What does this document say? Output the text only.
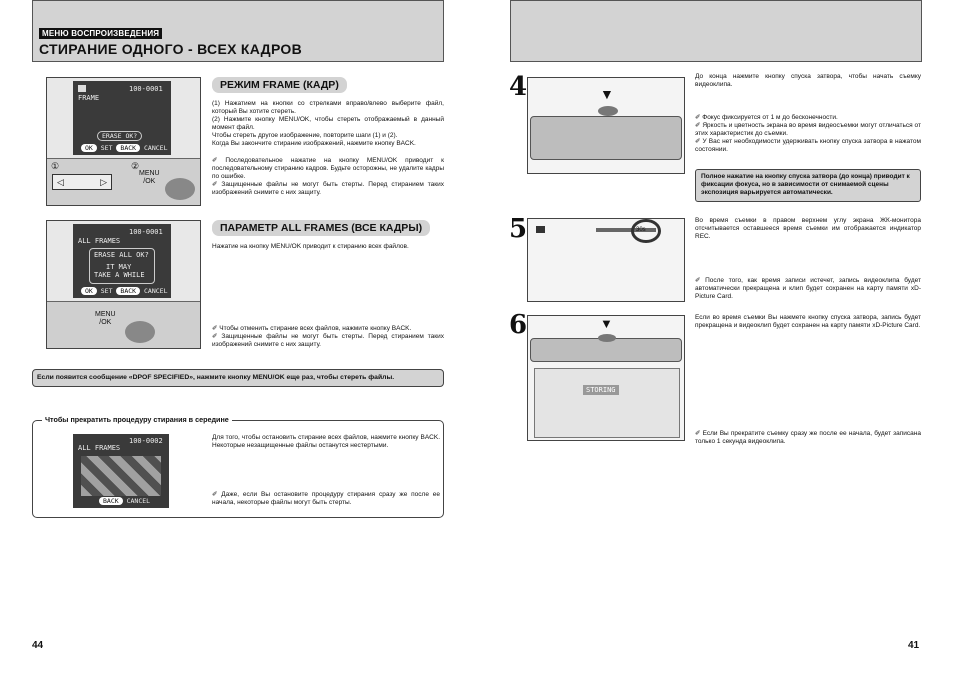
МЕНЮ ВОСПРОИЗВЕДЕНИЯ
СТИРАНИЕ ОДНОГО - ВСЕХ КАДРОВ
100-0001
FRAME
ERASE OK?
OK SET BACK CANCEL
①	②
◁	▷
MENU
/OK
РЕЖИМ FRAME (КАДР)

(1) Нажатием на кнопки со стрелками вправо/влево выберите файл, который Вы хотите стереть.

(2) Нажмите кнопку MENU/OK, чтобы стереть отображаемый в данный момент файл.

Чтобы стереть другое изображение, повторите шаги (1) и (2).

Когда Вы закончите стирание изображений, нажмите кнопку BACK.

✐ Последовательное нажатие на кнопку MENU/OK приводит к последовательному стиранию кадров. Будьте осторожны, не удалите кадры по ошибке.

✐ Защищенные файлы не могут быть стерты. Перед стиранием таких изображений снимите с них защиту.

100-0001
ALL FRAMES
ERASE ALL OK?
IT MAY
TAKE A WHILE
OK SET BACK CANCEL
MENU
/OK
ПАРАМЕТР ALL FRAMES (ВСЕ КАДРЫ)
Нажатие на кнопку MENU/OK приводит к стиранию всех файлов.

✐ Чтобы отменить стирание всех файлов, нажмите кнопку BACK.

✐ Защищенные файлы не могут быть стерты. Перед стиранием таких изображений снимите с них защиту.

Если появится сообщение «DPOF SPECIFIED», нажмите кнопку MENU/OK еще раз, чтобы стереть файлы.
Чтобы прекратить процедуру стирания в середине
100-0002
ALL FRAMES
BACK CANCEL
Для того, чтобы остановить стирание всех файлов, нажмите кнопку BACK. Некоторые незащищенные файлы останутся нестертыми.
✐ Даже, если Вы остановите процедуру стирания сразу же после ее начала, некоторые файлы могут быть стерты.
44
4	▼
До конца нажмите кнопку спуска затвора, чтобы начать съемку видеоклипа.

✐ Фокус фиксируется от 1 м до бесконечности.

✐ Яркость и цветность экрана во время видеосъемки могут отличаться от этих характеристик до съемки.

✐ У Вас нет необходимости удерживать кнопку спуска затвора в нажатом состоянии.

Полное нажатие на кнопку спуска затвора (до конца) приводит к фиксации фокуса, но в зависимости от снимаемой сцены экспозиция варьируется автоматически.
5	30s
Во время съемки в правом верхнем углу экрана ЖК-монитора отсчитывается оставшееся время съемки им отображается индикатор REC.
✐ После того, как время записи истечет, запись видеоклипа будет автоматически прекращена и клип будет сохранен на карту памяти xD-Picture Card.
6	▼
STORING
Если во время съемки Вы нажмете кнопку спуска затвора, запись будет прекращена и видеоклип будет сохранен на карту памяти xD-Picture Card.
✐ Если Вы прекратите съемку сразу же после ее начала, будет записана только 1 секунда видеоклипа.
41
